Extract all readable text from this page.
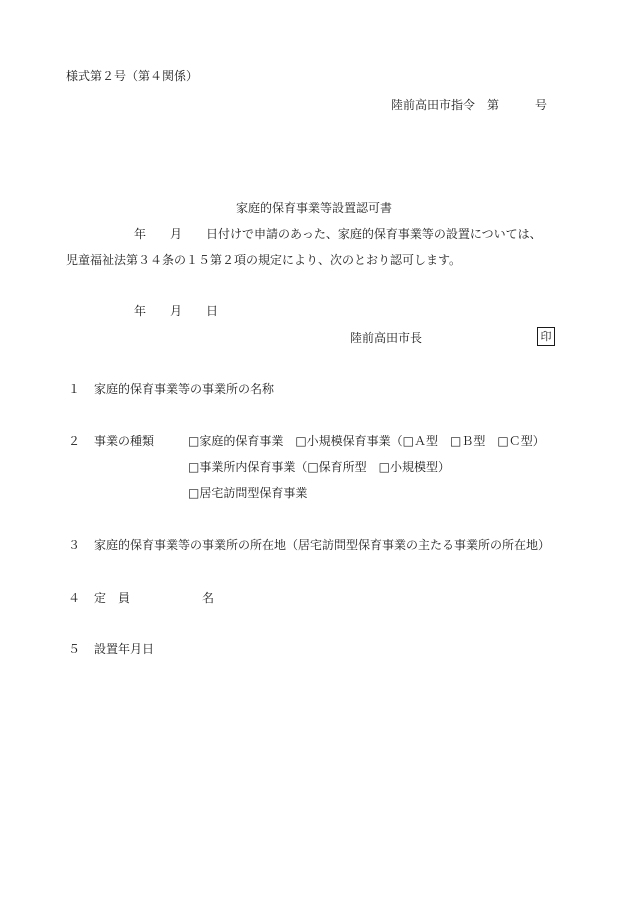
様式第２号（第４関係）
陸前高田市指令　第　　　号
家庭的保育事業等設置認可書
年　　月　　日付けで申請のあった、家庭的保育事業等の設置については、
児童福祉法第３４条の１５第２項の規定により、次のとおり認可します。
年　　月　　日
陸前高田市長	印
１ 家庭的保育事業等の事業所の名称
２ 事業の種類	□家庭的保育事業　□小規模保育事業（□Ａ型　□Ｂ型　□Ｃ型）
□事業所内保育事業（□保育所型　□小規模型）
□居宅訪問型保育事業
３ 家庭的保育事業等の事業所の所在地（居宅訪問型保育事業の主たる事業所の所在地）
４ 定　員	名
５ 設置年月日
